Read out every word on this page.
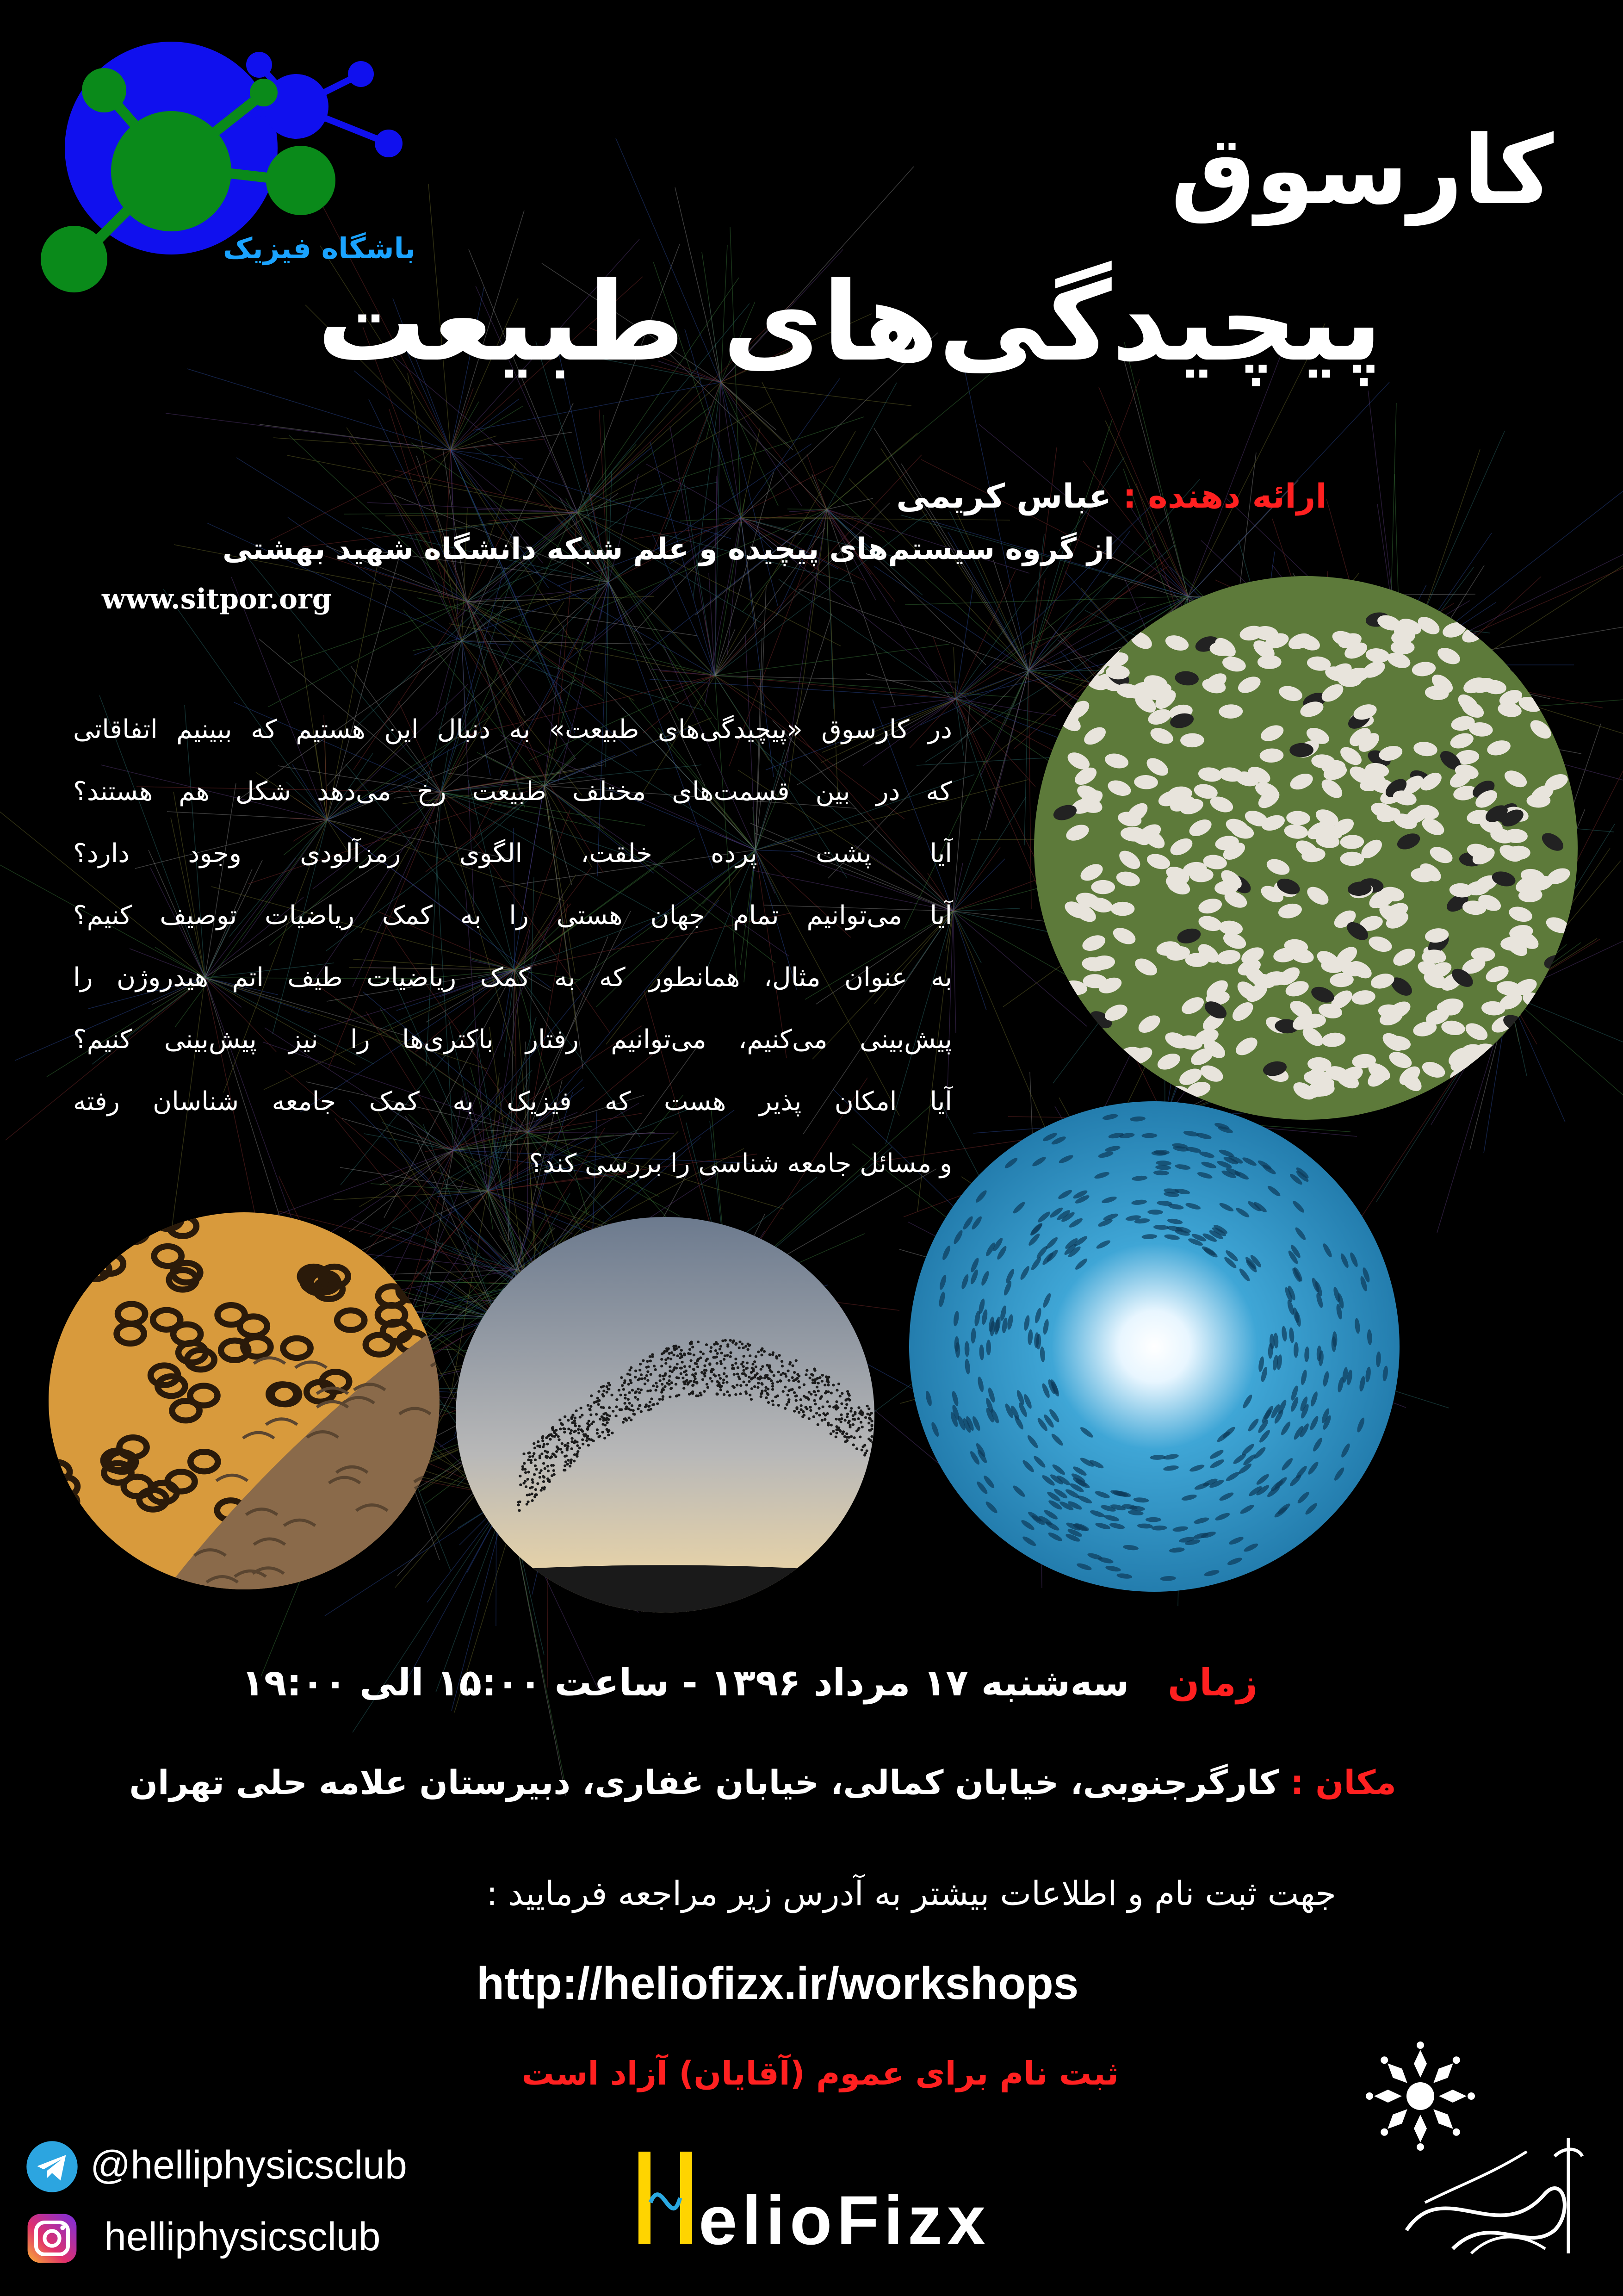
باشگاه فیزیک
کارسوق
پیچیدگی‌های طبیعت
ارائه دهنده : عباس کریمی
از گروه سیستم‌های پیچیده و علم شبکه دانشگاه شهید بهشتی
www.sitpor.org
در کارسوق «پیچیدگی‌های طبیعت» به دنبال این هستیم که ببینیم اتفاقاتی
که در بین قسمت‌های مختلف طبیعت رخ می‌دهد شکل هم هستند؟
آیا پشت پرده خلقت، الگوی رمزآلودی وجود دارد؟
آیا می‌توانیم تمام جهان هستی را به کمک ریاضیات توصیف کنیم؟
به عنوان مثال، همانطور که به کمک ریاضیات طیف اتم هیدروژن را
پیش‌بینی می‌کنیم، می‌توانیم رفتار باکتری‌ها را نیز پیش‌بینی کنیم؟
آیا امکان پذیر هست که فیزیک به کمک جامعه شناسان رفته
و مسائل جامعه شناسی را بررسی کند؟
زمان   سه‌شنبه ۱۷ مرداد ۱۳۹۶ - ساعت ۱۵:۰۰ الی ۱۹:۰۰
مکان : کارگرجنوبی، خیابان کمالی، خیابان غفاری، دبیرستان علامه حلی تهران
جهت ثبت نام و اطلاعات بیشتر به آدرس زیر مراجعه فرمایید :
http://heliofizx.ir/workshops
ثبت نام برای عموم (آقایان) آزاد است
@helliphysicsclub
helliphysicsclub	elioFizx
